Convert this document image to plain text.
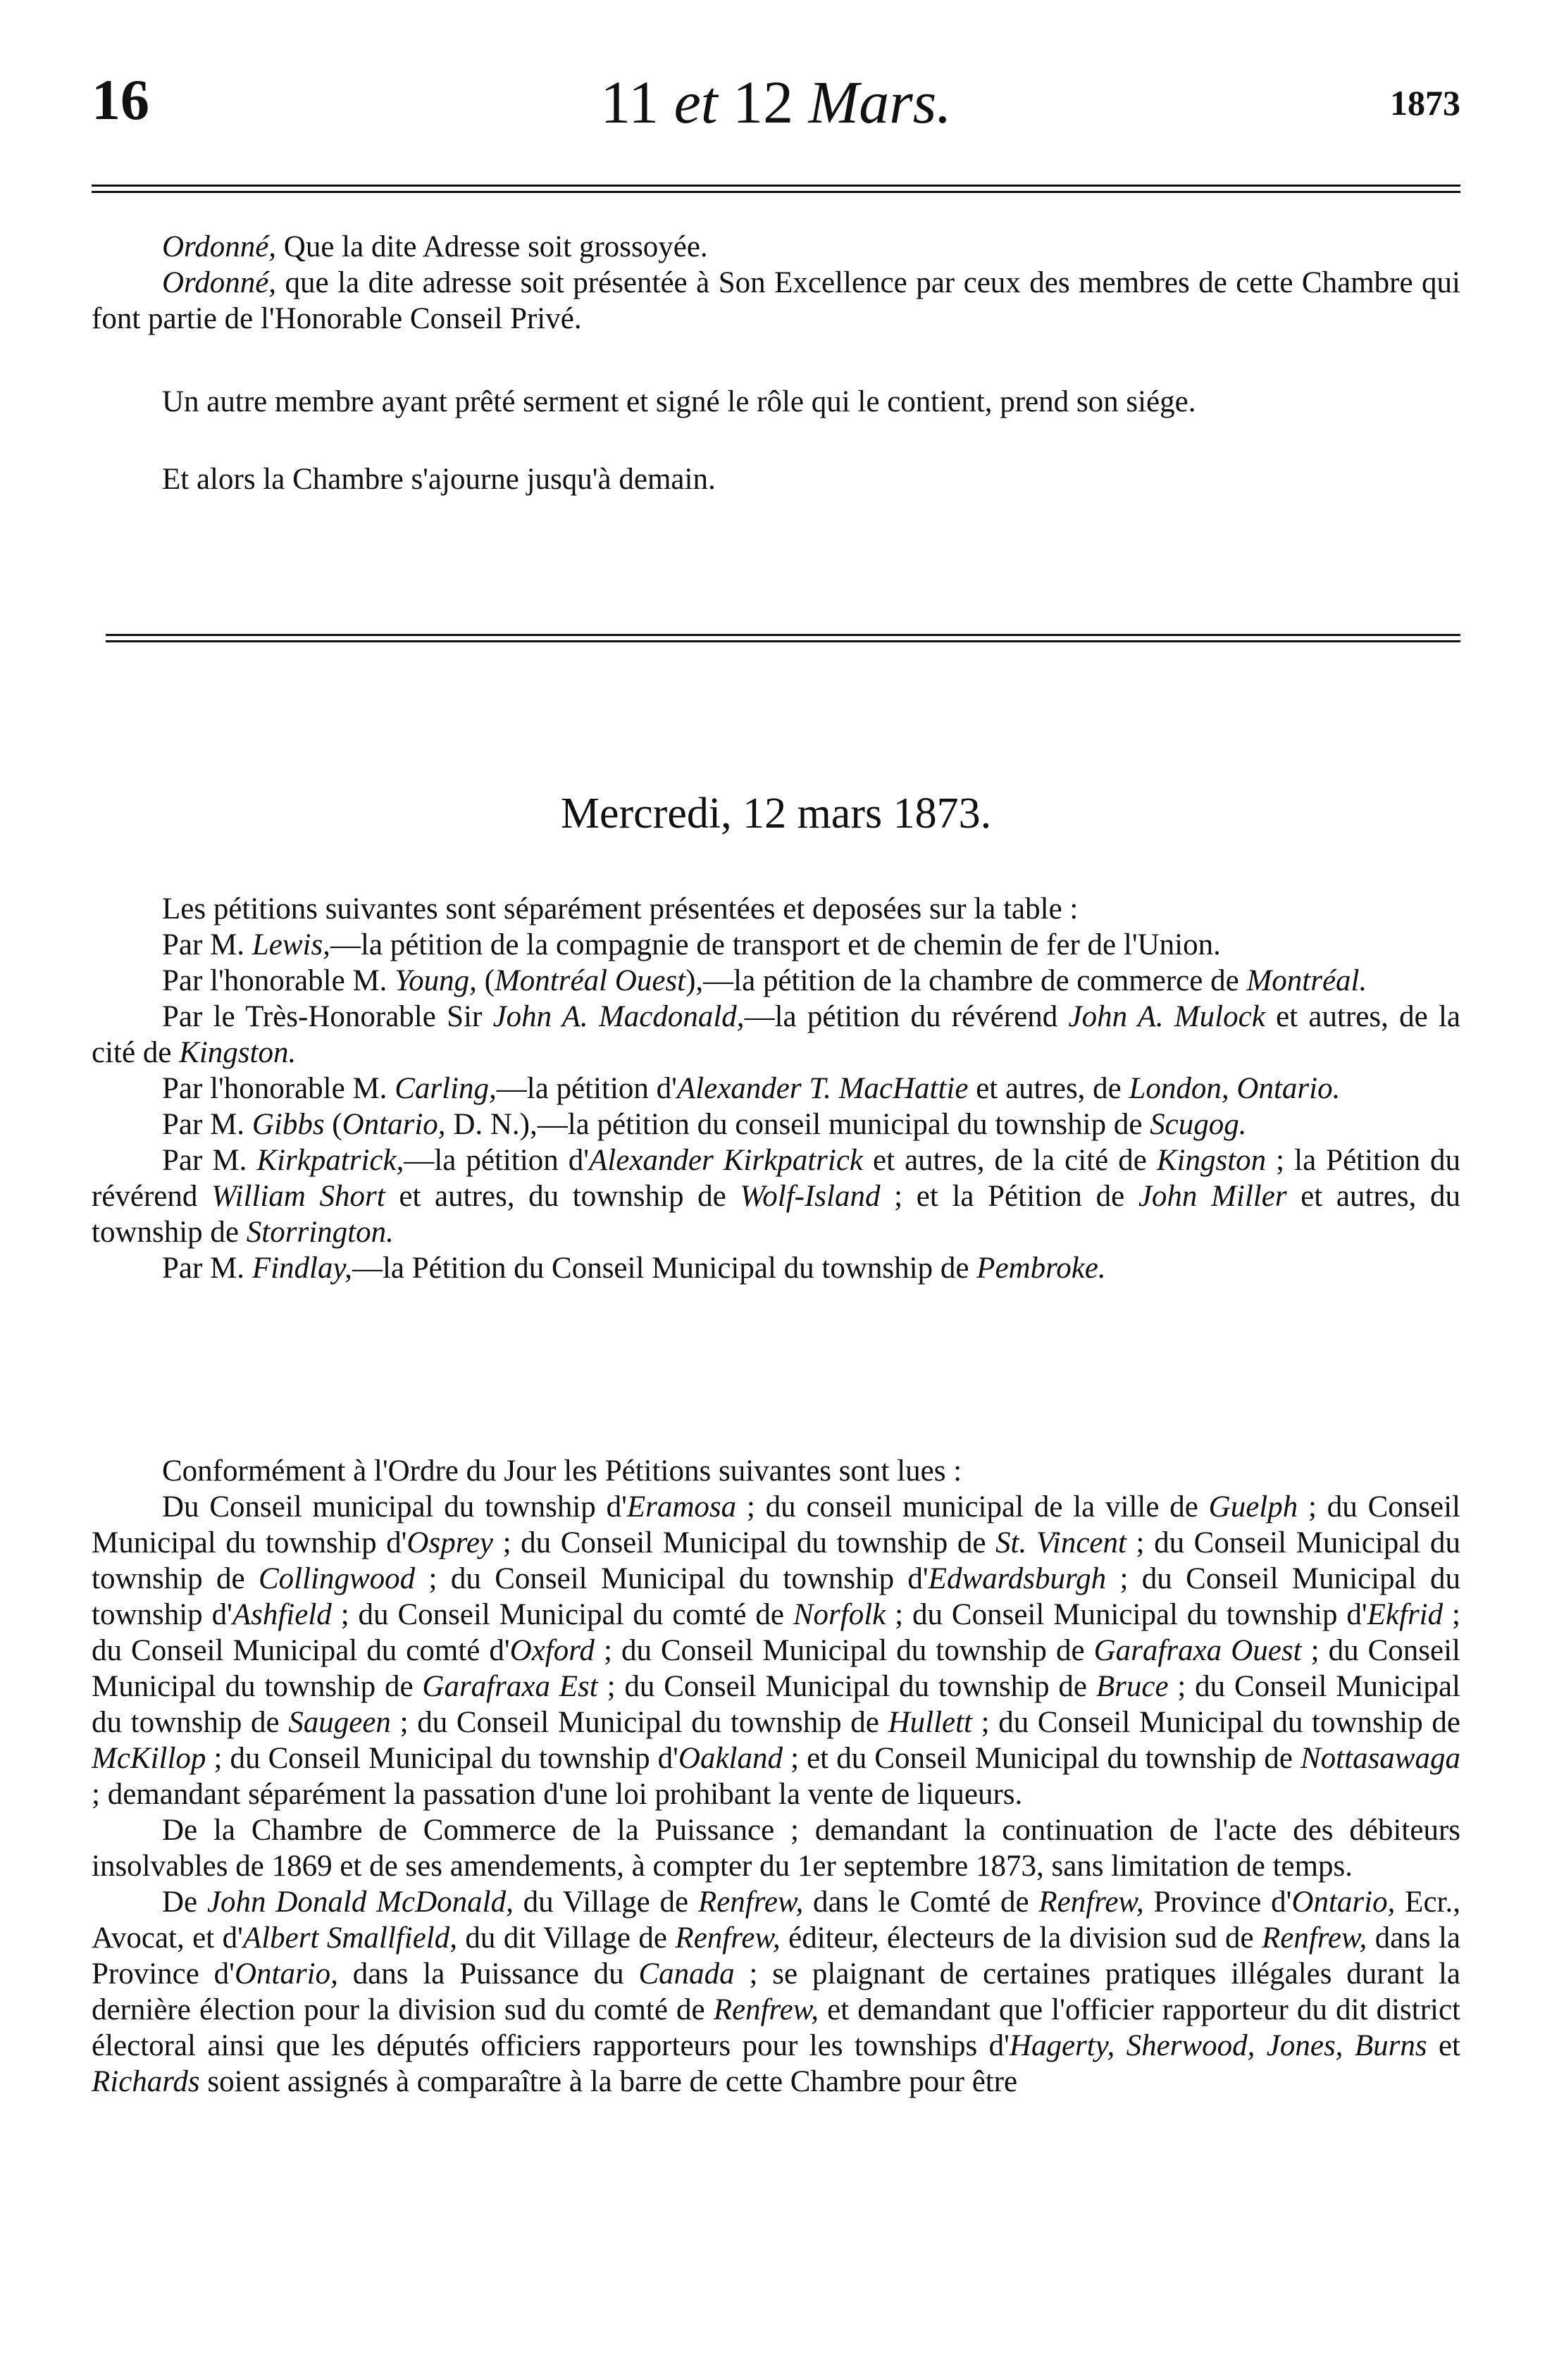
16	11 et 12 Mars.	1873

Ordonné, Que la dite Adresse soit grossoyée.

Ordonné, que la dite adresse soit présentée à Son Excellence par ceux des membres de cette Chambre qui font partie de l'Honorable Conseil Privé.

Un autre membre ayant prêté serment et signé le rôle qui le contient, prend son siége.

Et alors la Chambre s'ajourne jusqu'à demain.

Mercredi, 12 mars 1873.

Les pétitions suivantes sont séparément présentées et deposées sur la table :

Par M. Lewis,—la pétition de la compagnie de transport et de chemin de fer de l'Union.

Par l'honorable M. Young, (Montréal Ouest),—la pétition de la chambre de commerce de Montréal.

Par le Très-Honorable Sir John A. Macdonald,—la pétition du révérend John A. Mulock et autres, de la cité de Kingston.

Par l'honorable M. Carling,—la pétition d'Alexander T. MacHattie et autres, de London, Ontario.

Par M. Gibbs (Ontario, D. N.),—la pétition du conseil municipal du township de Scugog.

Par M. Kirkpatrick,—la pétition d'Alexander Kirkpatrick et autres, de la cité de Kingston ; la Pétition du révérend William Short et autres, du township de Wolf-Island ; et la Pétition de John Miller et autres, du township de Storrington.

Par M. Findlay,—la Pétition du Conseil Municipal du township de Pembroke.

Conformément à l'Ordre du Jour les Pétitions suivantes sont lues :

Du Conseil municipal du township d'Eramosa ; du conseil municipal de la ville de Guelph ; du Conseil Municipal du township d'Osprey ; du Conseil Municipal du township de St. Vincent ; du Conseil Municipal du township de Collingwood ; du Conseil Municipal du township d'Edwardsburgh ; du Conseil Municipal du township d'Ashfield ; du Conseil Municipal du comté de Norfolk ; du Conseil Municipal du township d'Ekfrid ; du Conseil Municipal du comté d'Oxford ; du Conseil Municipal du township de Garafraxa Ouest ; du Conseil Municipal du township de Garafraxa Est ; du Conseil Municipal du township de Bruce ; du Conseil Municipal du township de Saugeen ; du Conseil Municipal du township de Hullett ; du Conseil Municipal du township de McKillop ; du Conseil Municipal du township d'Oakland ; et du Conseil Municipal du township de Nottasawaga ; demandant séparément la passation d'une loi prohibant la vente de liqueurs.

De la Chambre de Commerce de la Puissance ; demandant la continuation de l'acte des débiteurs insolvables de 1869 et de ses amendements, à compter du 1er septembre 1873, sans limitation de temps.

De John Donald McDonald, du Village de Renfrew, dans le Comté de Renfrew, Province d'Ontario, Ecr., Avocat, et d'Albert Smallfield, du dit Village de Renfrew, éditeur, électeurs de la division sud de Renfrew, dans la Province d'Ontario, dans la Puissance du Canada ; se plaignant de certaines pratiques illégales durant la dernière élection pour la division sud du comté de Renfrew, et demandant que l'officier rapporteur du dit district électoral ainsi que les députés officiers rapporteurs pour les townships d'Hagerty, Sherwood, Jones, Burns et Richards soient assignés à comparaître à la barre de cette Chambre pour être
